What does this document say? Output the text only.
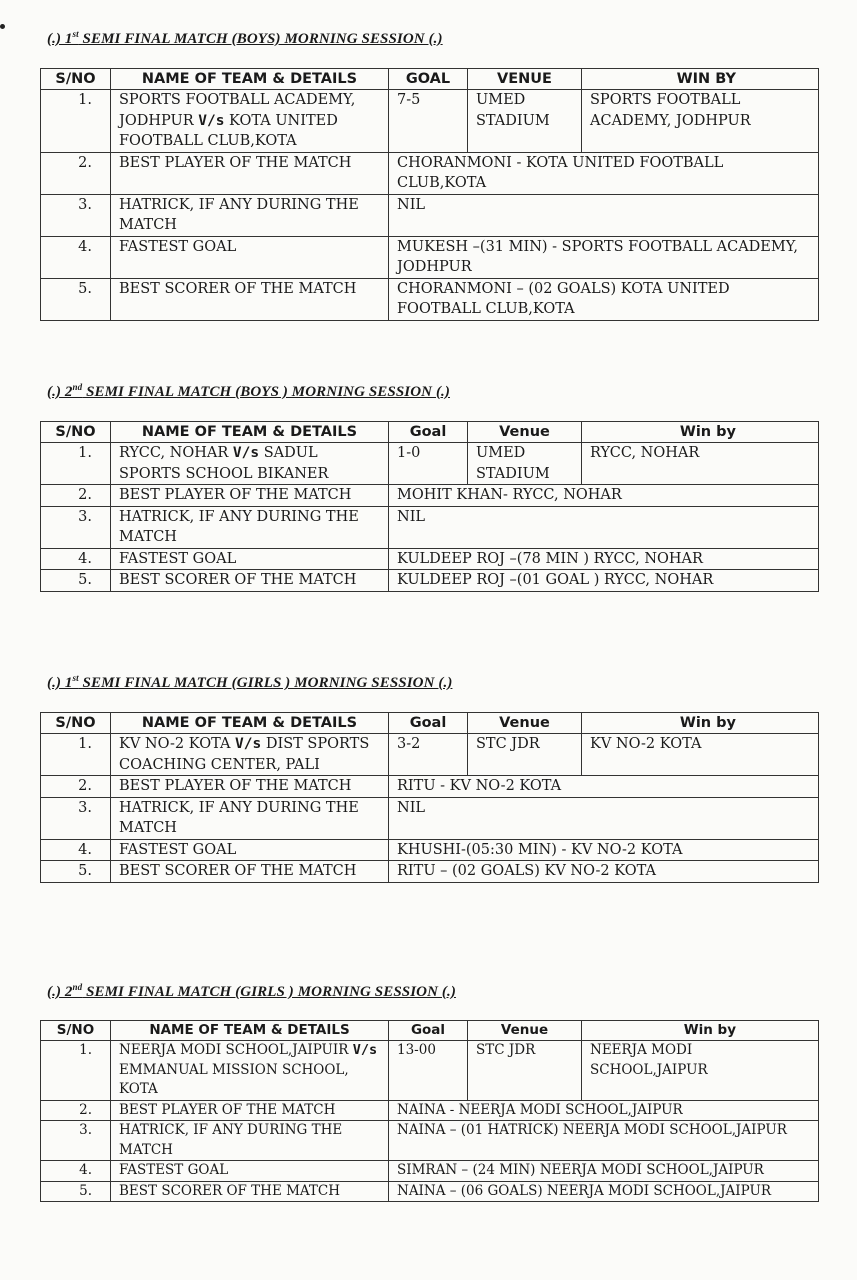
(.) 1st SEMI FINAL MATCH (BOYS) MORNING SESSION (.)
S/NO	NAME OF TEAM & DETAILS	GOAL	VENUE	WIN BY
1.	SPORTS FOOTBALL ACADEMY, JODHPUR V/s KOTA UNITED FOOTBALL CLUB,KOTA	7-5	UMED STADIUM	SPORTS FOOTBALL ACADEMY, JODHPUR
2.	BEST PLAYER OF THE MATCH	CHORANMONI - KOTA UNITED FOOTBALL CLUB,KOTA		
3.	HATRICK, IF ANY DURING THE MATCH	NIL		
4.	FASTEST GOAL	MUKESH –(31 MIN) - SPORTS FOOTBALL ACADEMY, JODHPUR		
5.	BEST SCORER OF THE MATCH	CHORANMONI – (02 GOALS) KOTA UNITED FOOTBALL CLUB,KOTA		
(.) 2nd SEMI FINAL MATCH (BOYS ) MORNING SESSION (.)
S/NO	NAME OF TEAM & DETAILS	Goal	Venue	Win by
1.	RYCC, NOHAR V/s SADUL SPORTS SCHOOL BIKANER	1-0	UMED STADIUM	RYCC, NOHAR
2.	BEST PLAYER OF THE MATCH	MOHIT KHAN- RYCC, NOHAR		
3.	HATRICK, IF ANY DURING THE MATCH	NIL		
4.	FASTEST GOAL	KULDEEP ROJ –(78 MIN ) RYCC, NOHAR		
5.	BEST SCORER OF THE MATCH	KULDEEP ROJ –(01 GOAL ) RYCC, NOHAR		
(.) 1st SEMI FINAL MATCH (GIRLS ) MORNING SESSION (.)
S/NO	NAME OF TEAM & DETAILS	Goal	Venue	Win by
1.	KV NO-2 KOTA V/s DIST SPORTS COACHING CENTER, PALI	3-2	STC JDR	KV NO-2 KOTA
2.	BEST PLAYER OF THE MATCH	RITU - KV NO-2 KOTA		
3.	HATRICK, IF ANY DURING THE MATCH	NIL		
4.	FASTEST GOAL	KHUSHI-(05:30 MIN) - KV NO-2 KOTA		
5.	BEST SCORER OF THE MATCH	RITU – (02 GOALS) KV NO-2 KOTA		
(.) 2nd SEMI FINAL MATCH (GIRLS ) MORNING SESSION (.)
S/NO	NAME OF TEAM & DETAILS	Goal	Venue	Win by
1.	NEERJA MODI SCHOOL,JAIPUIR V/s EMMANUAL MISSION SCHOOL, KOTA	13-00	STC JDR	NEERJA MODI SCHOOL,JAIPUR
2.	BEST PLAYER OF THE MATCH	NAINA - NEERJA MODI SCHOOL,JAIPUR		
3.	HATRICK, IF ANY DURING THE MATCH	NAINA – (01 HATRICK) NEERJA MODI SCHOOL,JAIPUR		
4.	FASTEST GOAL	SIMRAN – (24 MIN) NEERJA MODI SCHOOL,JAIPUR		
5.	BEST SCORER OF THE MATCH	NAINA – (06 GOALS) NEERJA MODI SCHOOL,JAIPUR		
